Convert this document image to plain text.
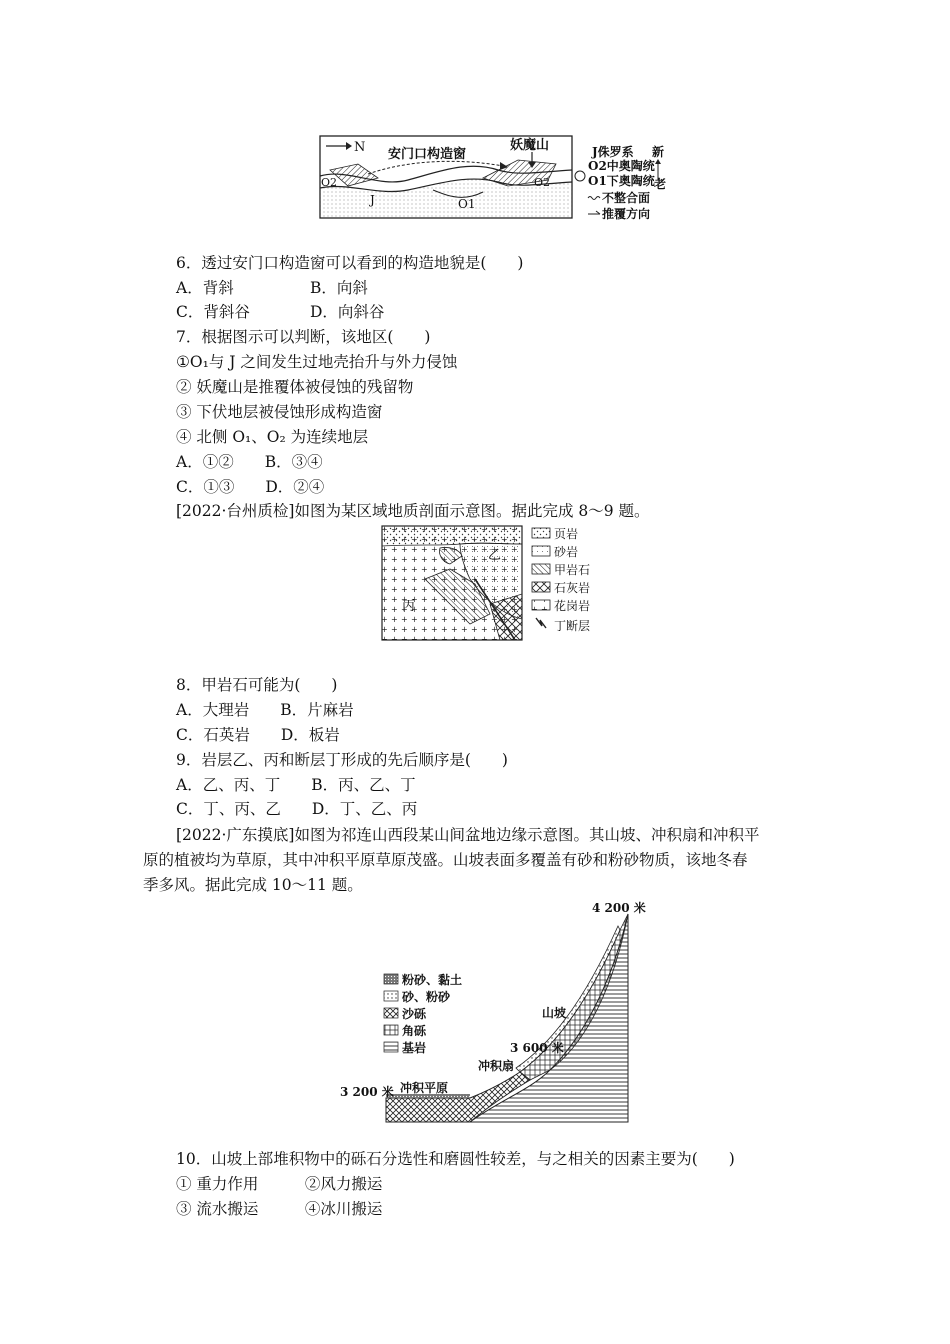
N 安门口构造窗
妖魔山
O2	O2
J	O1
J侏罗系 新
O2中奥陶统
O1下奥陶统 老
不整合面
推覆方向
6．透过安门口构造窗可以看到的构造地貌是(　　)
A．背斜	B．向斜
C．背斜谷	D．向斜谷
7．根据图示可以判断，该地区(　　)
①O₁与 J 之间发生过地壳抬升与外力侵蚀
② 妖魔山是推覆体被侵蚀的残留物
③ 下伏地层被侵蚀形成构造窗
④ 北侧 O₁、O₂ 为连续地层
A．①②　　B．③④
C．①③　　D．②④
[2022·台州质检]如图为某区域地质剖面示意图。据此完成 8～9 题。
乙
丙
页岩
砂岩
甲岩石
石灰岩
花岗岩
丁断层
8．甲岩石可能为(　　)
A．大理岩　　B．片麻岩
C．石英岩　　D．板岩
9．岩层乙、丙和断层丁形成的先后顺序是(　　)
A．乙、丙、丁　　B．丙、乙、丁
C．丁、丙、乙　　D．丁、乙、丙
[2022·广东摸底]如图为祁连山西段某山间盆地边缘示意图。其山坡、冲积扇和冲积平
原的植被均为草原，其中冲积平原草原茂盛。山坡表面多覆盖有砂和粉砂物质，该地冬春
季多风。据此完成 10～11 题。
4 200 米
3 600 米
3 200 米 冲积平原
冲积扇
山坡
粉砂、黏土
砂、粉砂
沙砾
角砾
基岩
10．山坡上部堆积物中的砾石分选性和磨圆性较差，与之相关的因素主要为(　　)
① 重力作用　　　②风力搬运
③ 流水搬运　　　④冰川搬运
